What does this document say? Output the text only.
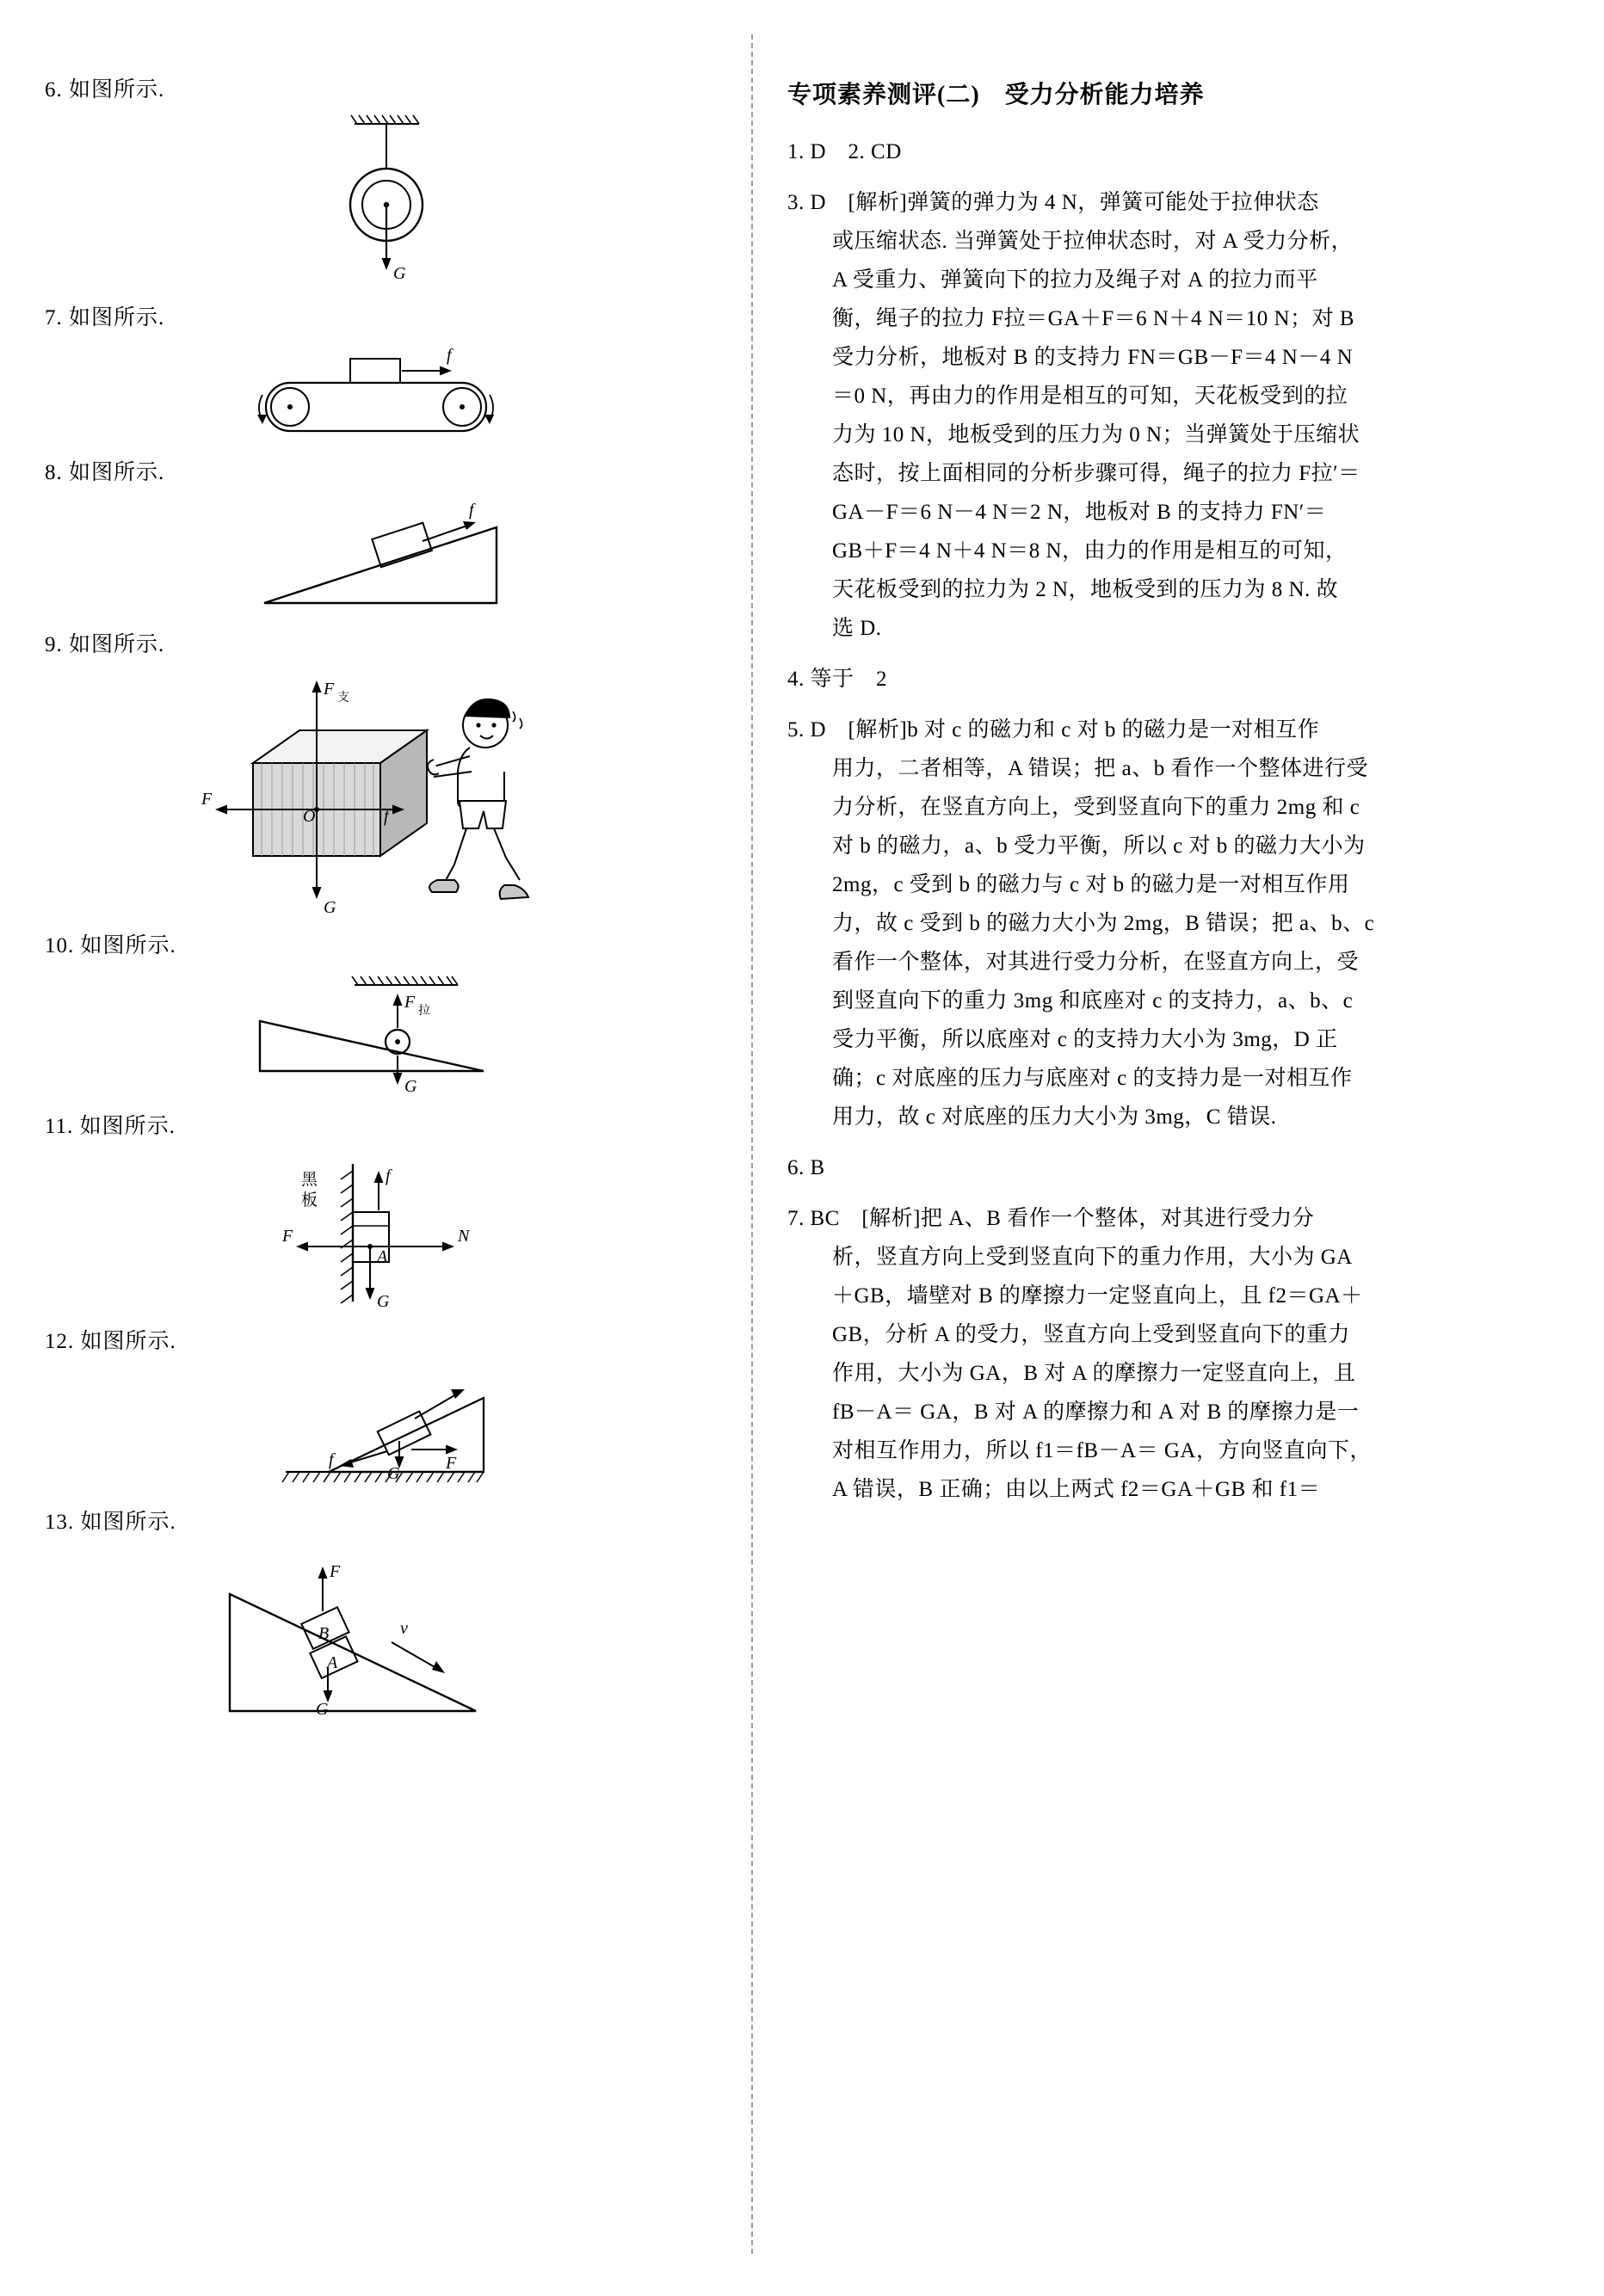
6. 如图所示.
G
7. 如图所示.
f
8. 如图所示.
f
9. 如图所示.
F 支
G
F
O	f
10. 如图所示.
F 拉
G
11. 如图所示.
黑
板
f
F	N
A
G
12. 如图所示.
f
G
F
13. 如图所示.
A
B
F
G
v
专项素养测评(二)　受力分析能力培养
1. D　2. CD
3. D　[解析]弹簧的弹力为 4 N，弹簧可能处于拉伸状态
或压缩状态. 当弹簧处于拉伸状态时，对 A 受力分析，
A 受重力、弹簧向下的拉力及绳子对 A 的拉力而平
衡，绳子的拉力 F拉＝GA＋F＝6 N＋4 N＝10 N；对 B
受力分析，地板对 B 的支持力 FN＝GB－F＝4 N－4 N
＝0 N，再由力的作用是相互的可知，天花板受到的拉
力为 10 N，地板受到的压力为 0 N；当弹簧处于压缩状
态时，按上面相同的分析步骤可得，绳子的拉力 F拉′＝
GA－F＝6 N－4 N＝2 N，地板对 B 的支持力 FN′＝
GB＋F＝4 N＋4 N＝8 N，由力的作用是相互的可知，
天花板受到的拉力为 2 N，地板受到的压力为 8 N. 故
选 D.

4. 等于　2
5. D　[解析]b 对 c 的磁力和 c 对 b 的磁力是一对相互作
用力，二者相等，A 错误；把 a、b 看作一个整体进行受
力分析，在竖直方向上，受到竖直向下的重力 2mg 和 c
对 b 的磁力，a、b 受力平衡，所以 c 对 b 的磁力大小为
2mg，c 受到 b 的磁力与 c 对 b 的磁力是一对相互作用
力，故 c 受到 b 的磁力大小为 2mg，B 错误；把 a、b、c
看作一个整体，对其进行受力分析，在竖直方向上，受
到竖直向下的重力 3mg 和底座对 c 的支持力，a、b、c
受力平衡，所以底座对 c 的支持力大小为 3mg，D 正
确；c 对底座的压力与底座对 c 的支持力是一对相互作
用力，故 c 对底座的压力大小为 3mg，C 错误.

6. B
7. BC　[解析]把 A、B 看作一个整体，对其进行受力分
析，竖直方向上受到竖直向下的重力作用，大小为 GA
＋GB，墙壁对 B 的摩擦力一定竖直向上，且 f2＝GA＋
GB，分析 A 的受力，竖直方向上受到竖直向下的重力
作用，大小为 GA，B 对 A 的摩擦力一定竖直向上，且
fB－A＝ GA，B 对 A 的摩擦力和 A 对 B 的摩擦力是一
对相互作用力，所以 f1＝fB－A＝ GA，方向竖直向下，
A 错误，B 正确；由以上两式 f2＝GA＋GB 和 f1＝
